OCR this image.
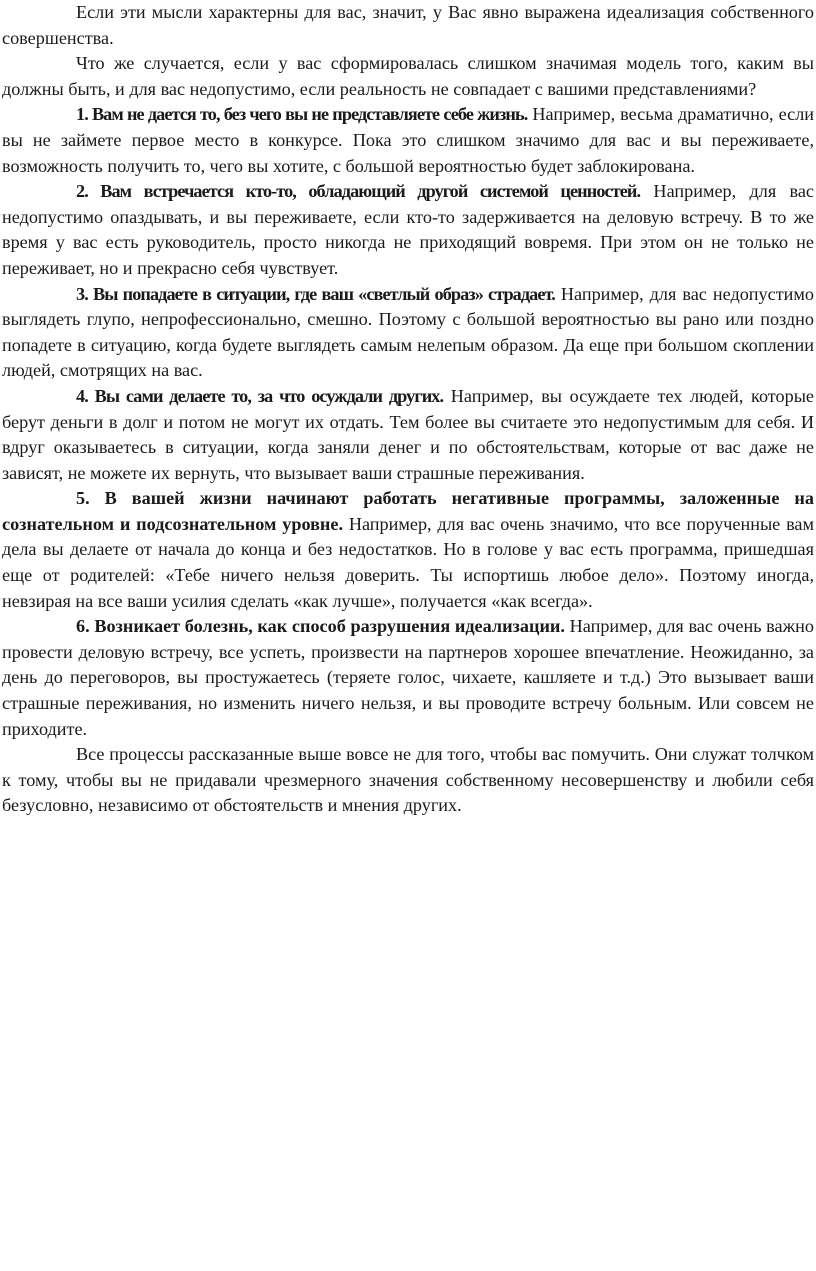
Если эти мысли характерны для вас, значит, у Вас явно выражена идеализация собственного совершенства.

Что же случается, если у вас сформировалась слишком значимая модель того, каким вы должны быть, и для вас недопустимо, если реальность не совпадает с вашими представлениями?

1. Вам не дается то, без чего вы не представляете себе жизнь. Например, весьма драматично, если вы не займете первое место в конкурсе. Пока это слишком значимо для вас и вы переживаете, возможность получить то, чего вы хотите, с большой вероятностью будет заблокирована.

2. Вам встречается кто-то, обладающий другой системой ценностей. Например, для вас недопустимо опаздывать, и вы переживаете, если кто-то задерживается на деловую встречу. В то же время у вас есть руководитель, просто никогда не приходящий вовремя. При этом он не только не переживает, но и прекрасно себя чувствует.

3. Вы попадаете в ситуации, где ваш «светлый образ» страдает. Например, для вас недопустимо выглядеть глупо, непрофессионально, смешно. Поэтому с большой вероятностью вы рано или поздно попадете в ситуацию, когда будете выглядеть самым нелепым образом. Да еще при большом скоплении людей, смотрящих на вас.

4. Вы сами делаете то, за что осуждали других. Например, вы осуждаете тех людей, которые берут деньги в долг и потом не могут их отдать. Тем более вы считаете это недопустимым для себя. И вдруг оказываетесь в ситуации, когда заняли денег и по обстоятельствам, которые от вас даже не зависят, не можете их вернуть, что вызывает ваши страшные переживания.

5. В вашей жизни начинают работать негативные программы, заложенные на сознательном и подсознательном уровне. Например, для вас очень значимо, что все порученные вам дела вы делаете от начала до конца и без недостатков. Но в голове у вас есть программа, пришедшая еще от родителей: «Тебе ничего нельзя доверить. Ты испортишь любое дело». Поэтому иногда, невзирая на все ваши усилия сделать «как лучше», получается «как всегда».

6. Возникает болезнь, как способ разрушения идеализации. Например, для вас очень важно провести деловую встречу, все успеть, произвести на партнеров хорошее впечатление. Неожиданно, за день до переговоров, вы простужаетесь (теряете голос, чихаете, кашляете и т.д.) Это вызывает ваши страшные переживания, но изменить ничего нельзя, и вы проводите встречу больным. Или совсем не приходите.

Все процессы рассказанные выше вовсе не для того, чтобы вас помучить. Они служат толчком к тому, чтобы вы не придавали чрезмерного значения собственному несовершенству и любили себя безусловно, независимо от обстоятельств и мнения других.
